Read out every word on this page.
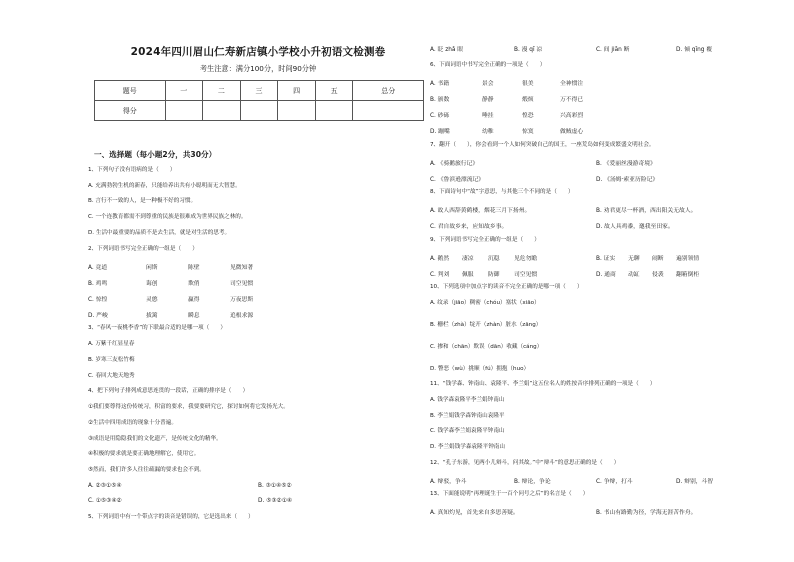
2024年四川眉山仁寿新店镇小学校小升初语文检测卷
考生注意：满分100分，时间90分钟
题号	一	二	三	四	五	总分
得分						
一、选择题（每小题2分，共30分）
1、下列句子没有语病的是（　　）
A. 充满勃勃生机的新春，只能给养出共有小聪明而无大智慧。
B. 言行不一致的人，是一种极不好的习惯。
C. 一个连教育都需不到尊重的民族是很难成为世界民族之林的。
D. 生活中最重要的品质不是去生活，就是对生活的思考。
2、下列词语书写完全正确的一组是（　　）
A. 竟道	闲斯	陈壁	见微知著
B. 鸡鸣	诲创	欺俏	司空见惯
C. 惊惶	灵憨	赢得	万夜思斯
D. 严峻	拔篱	瞬息	追根求源
3、“春风一夜桃李香”的下联最合适的是哪一项（　　）
A. 万紫千红显星春
B. 岁寒三友松竹梅
C. 春回大地天地秀
4、把下列句子排列成意思连贯的一段话，正确的排序是（　　）
①我们要尊得这份传统习，积富的要求，我要要研究它，探讨如何将它发扬光大。
②生活中四用成语的现象十分普遍。
③成语是用隐隐我们的文化遗产，是传统文化的精华。
④积极的要求就是要正确地理解它，使用它。
⑤然而，我们许多人往往疏漏的要求也会不到。
A. ②③①⑤④	B. ③①④⑤②
C. ①⑤③④②	D. ⑤③②①④
5、下列词语中有一个带点字的读音是错误的，它是选出来（　　）
A. 眨 zhǎ 眼	B. 漫 qī 凉	C. 间 jiān 断	D. 倾 qīng 覆
6、下面词语中书写完全正确的一项是（　　）
A. 书籍	景会	很美	全神惯注
B. 颁数	静静	煅烦	万不得已
C. 砂砾	唾挂	惶恐	兴高彩烈
D. 蹦嘴	幼稚	惊寞	做贼虚心
7、翻开（　　），你会看到一个人如何突破自己的国王，一座荒岛如何变成繁盛文明社会。
A. 《骑鹅旅行记》	B. 《爱丽丝漫游奇境》
C. 《鲁滨逊漂流记》	D. 《汤姆·索亚历险记》
8、下面诗句中“故”字意思，与其他三个不同的是（　　）
A. 故人西辞黄鹤楼，烟花三月下扬州。	B. 劝君更尽一杯酒，西出阳关无故人。
C. 君自故乡来，应知故乡事。	D. 故人具鸡黍，邀我至田家。
9、下列词语书写完全正确的一组是（　　）
A. 鹅然 凄凉 沉稳 见危勿瞻	B. 证实 无聊 闹断 遍别领情
C. 判刘 佩服 防御 司空见惯	D. 通商 动缸 侵袭 翻箱倒柜
10、下列选项中加点字的读音不完全正确的是哪一项（　　）
A. 纹录（jiāo）稠密（chóu）塞状（xiāo）
B. 栅栏（zhà）绽开（zhàn）脏水（zāng）
C. 掺和（chān）欺误（dān）收藏（cáng）
D. 瞥恶（wù）挑顺（fú）拥抱（huo）
11、“钱学森、钟南山、袁隆平、李兰娟”这五位名人的姓按音序排列正确的一项是（　　）
A. 钱学森袁隆平李兰娟钟南山
B. 李兰娟钱学森钟南山袁隆平
C. 钱学森李兰娟袁隆平钟南山
D. 李兰娟钱学森袁隆平钟南山
12、“孔子东游，见两小儿辩斗，问其故。”中“辩斗”的意思正确的是（　　）
A. 辩驳，争斗	B. 辩论，争论	C. 争辩，打斗	D. 辩别，斗智
13、下面能说明“再理诞生于一百个问号之后”的名言是（　　）
A. 真知灼见，首先来自多思善疑。	B. 书山有路勤为径，学海无涯苦作舟。
